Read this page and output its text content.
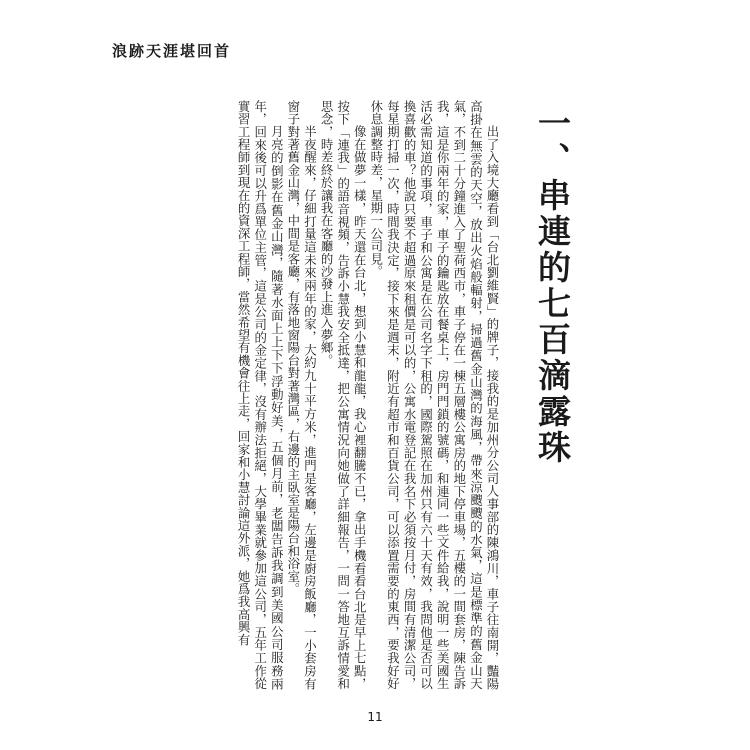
浪跡天涯堪回首
一、串連的七百滴露珠

出了入境大廳看到「台北劉維賢」的牌子，接我的是加州分公司人事部的陳鴻川，車子往南開，豔陽高掛在無雲的天空，放出火焰般輻射，掃過舊金山灣的海風，帶來涼颼颼的水氣，這是標準的舊金山天氣，不到二十分鐘進入了聖荷西市，車子停在一棟五層樓公寓房的地下停車場，五樓的一間套房，陳告訴我，這是你兩年的家，車子的鑰匙放在餐桌上，房門門鎖的號碼，和連同一些文件給我，說明一些美國生活必需知道的事項，車子和公寓是在公司名字下租的，國際駕照在加州只有六十天有效，我問他是否可以換喜歡的車？他說只要不超過原來租價是可以的，公寓水電登記在我名下必須按月付，房間有清潔公司，每星期打掃一次，時間我決定，接下來是週末，附近有超市和百貨公司，可以添置需要的東西，要我好好休息調整時差，星期一公司見。

像在做夢一樣，昨天還在台北，想到小慧和龍龍，我心裡翻騰不已，拿出手機看看台北是早上七點，按下「連我」的語音視頻，告訴小慧我安全抵達，把公寓情況向她做了詳細報告，一問一答地互訴情愛和思念，時差終於讓我在客廳的沙發上進入夢鄉。

半夜醒來，仔細打量這未來兩年的家，大約九十平方米，進門是客廳，左邊是廚房飯廳，一小套房有窗子對著舊金山灣，中間是客廳，有落地窗陽台對著灣區，右邊的主臥室是陽台和浴室。

月亮的倒影在舊金山灣，隨著水面上上下下浮動好美，五個月前，老闆告訴我調到美國公司服務兩年，回來後可以升爲單位主管，這是公司的金定律，沒有辦法拒絕，大學畢業就參加這公司，五年工作從實習工程師到現在的資深工程師，當然希望有機會往上走，回家和小慧討論這外派，她爲我高興有

11
